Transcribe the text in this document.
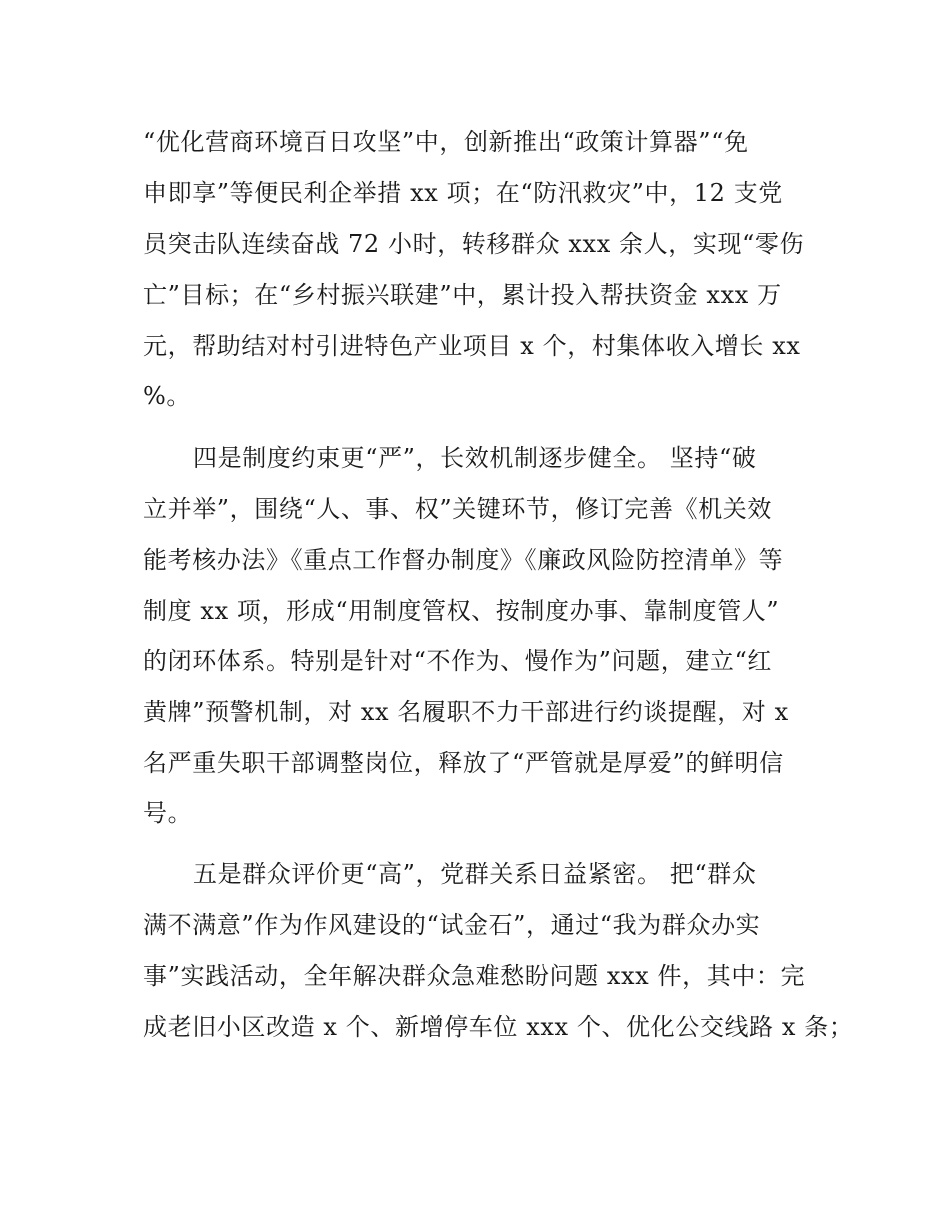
“优化营商环境百日攻坚”中，创新推出“政策计算器”“免

申即享”等便民利企举措 xx 项；在“防汛救灾”中，12 支党

员突击队连续奋战 72 小时，转移群众 xxx 余人，实现“零伤

亡”目标；在“乡村振兴联建”中，累计投入帮扶资金 xxx 万

元，帮助结对村引进特色产业项目 x 个，村集体收入增长 xx

%。

四是制度约束更“严”，长效机制逐步健全。 坚持“破

立并举”，围绕“人、事、权”关键环节，修订完善《机关效

能考核办法》《重点工作督办制度》《廉政风险防控清单》等

制度 xx 项，形成“用制度管权、按制度办事、靠制度管人”

的闭环体系。特别是针对“不作为、慢作为”问题，建立“红

黄牌”预警机制，对 xx 名履职不力干部进行约谈提醒，对 x

名严重失职干部调整岗位，释放了“严管就是厚爱”的鲜明信

号。

五是群众评价更“高”，党群关系日益紧密。 把“群众

满不满意”作为作风建设的“试金石”，通过“我为群众办实

事”实践活动，全年解决群众急难愁盼问题 xxx 件，其中：完

成老旧小区改造 x 个、新增停车位 xxx 个、优化公交线路 x 条；
